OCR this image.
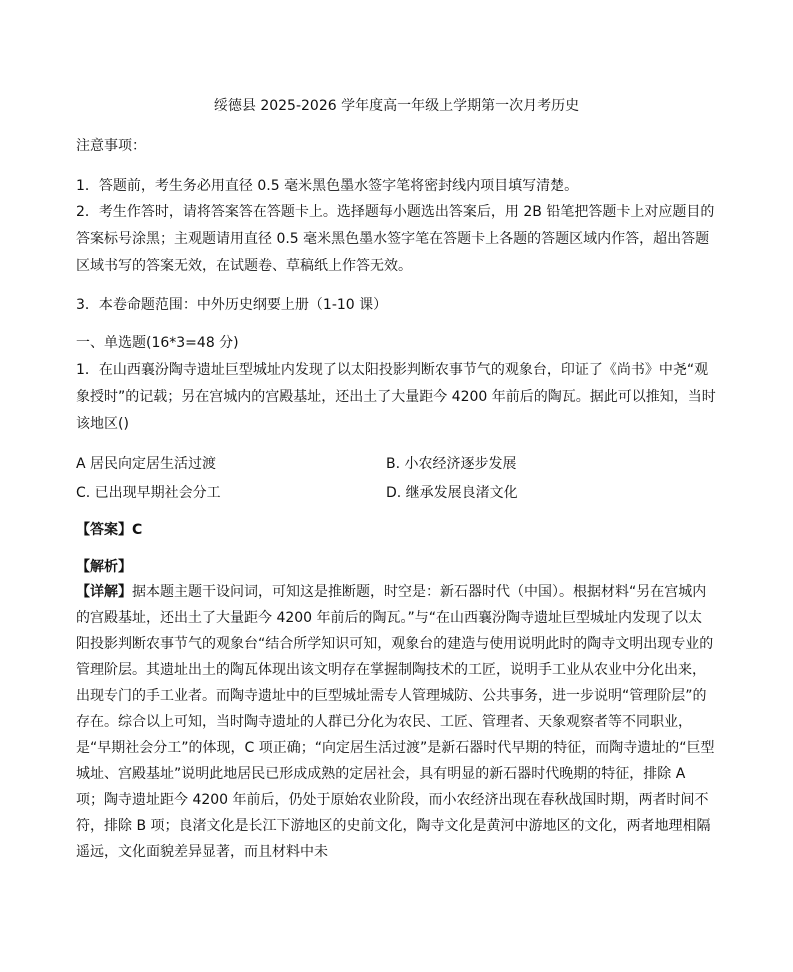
绥德县 2025-2026 学年度高一年级上学期第一次月考历史
注意事项：

1．答题前，考生务必用直径 0.5 毫米黑色墨水签字笔将密封线内项目填写清楚。

2．考生作答时，请将答案答在答题卡上。选择题每小题选出答案后，用 2B 铅笔把答题卡上对应题目的答案标号涂黑；主观题请用直径 0.5 毫米黑色墨水签字笔在答题卡上各题的答题区域内作答，超出答题区域书写的答案无效，在试题卷、草稿纸上作答无效。

3．本卷命题范围：中外历史纲要上册（1-10 课）

一、单选题(16*3=48 分)

1．在山西襄汾陶寺遗址巨型城址内发现了以太阳投影判断农事节气的观象台，印证了《尚书》中尧“观象授时”的记载；另在宫城内的宫殿基址，还出土了大量距今 4200 年前后的陶瓦。据此可以推知，当时该地区()

A 居民向定居生活过渡	B. 小农经济逐步发展
C. 已出现早期社会分工	D. 继承发展良渚文化
【答案】C
【解析】

【详解】据本题主题干设问词，可知这是推断题，时空是：新石器时代（中国）。根据材料“另在宫城内的宫殿基址，还出土了大量距今 4200 年前后的陶瓦。”与“在山西襄汾陶寺遗址巨型城址内发现了以太阳投影判断农事节气的观象台“结合所学知识可知，观象台的建造与使用说明此时的陶寺文明出现专业的管理阶层。其遗址出土的陶瓦体现出该文明存在掌握制陶技术的工匠，说明手工业从农业中分化出来，出现专门的手工业者。而陶寺遗址中的巨型城址需专人管理城防、公共事务，进一步说明“管理阶层”的存在。综合以上可知，当时陶寺遗址的人群已分化为农民、工匠、管理者、天象观察者等不同职业，是“早期社会分工”的体现，C 项正确；“向定居生活过渡”是新石器时代早期的特征，而陶寺遗址的“巨型城址、宫殿基址”说明此地居民已形成成熟的定居社会，具有明显的新石器时代晚期的特征，排除 A 项；陶寺遗址距今 4200 年前后，仍处于原始农业阶段，而小农经济出现在春秋战国时期，两者时间不符，排除 B 项；良渚文化是长江下游地区的史前文化，陶寺文化是黄河中游地区的文化，两者地理相隔遥远，文化面貌差异显著，而且材料中未
